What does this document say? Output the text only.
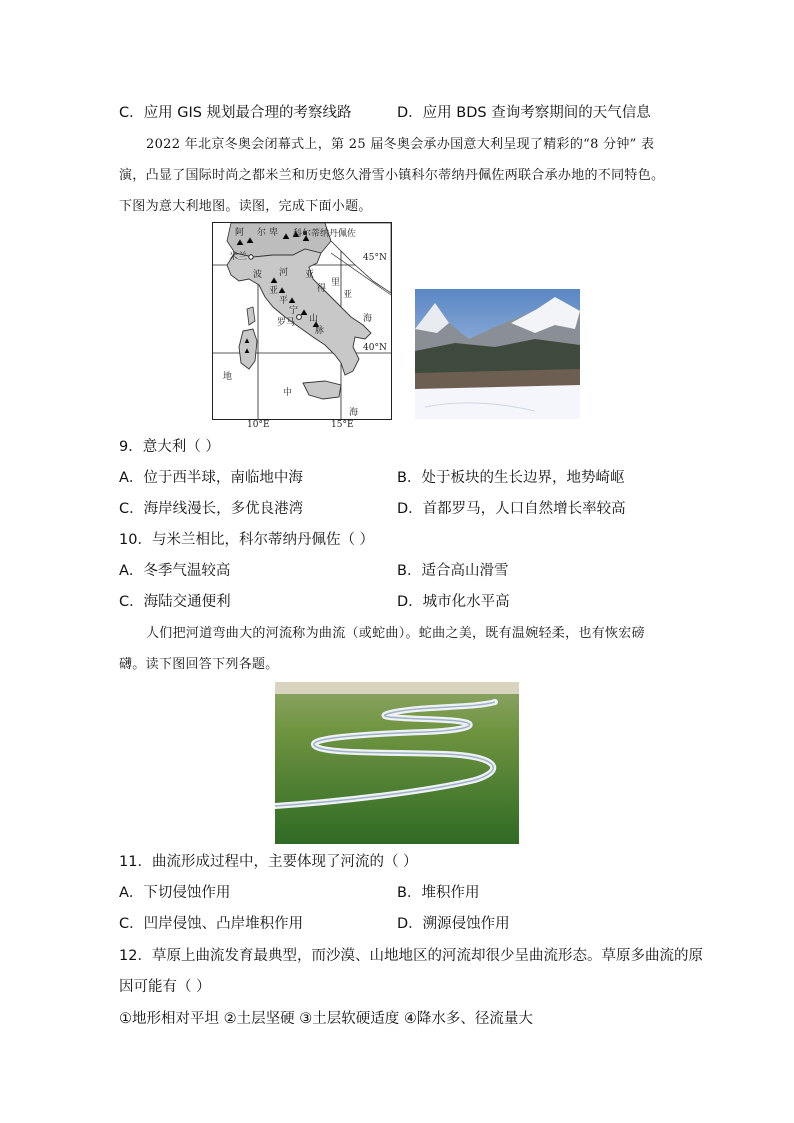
C．应用 GIS 规划最合理的考察线路	D．应用 BDS 查询考察期间的天气信息
2022 年北京冬奥会闭幕式上，第 25 届冬奥会承办国意大利呈现了精彩的“8 分钟” 表
演，凸显了国际时尚之都米兰和历史悠久滑雪小镇科尔蒂纳丹佩佐两联合承办地的不同特色。
下图为意大利地图。读图，完成下面小题。
阿 尔 卑 科尔蒂纳丹佩佐
米兰
波 河
亚
平
宁
山
脉
罗马
亚
得
里
亚
海
地
中
海
45°N
40°N
10°E	15°E
9．意大利（ ）
A．位于西半球，南临地中海	B．处于板块的生长边界，地势崎岖
C．海岸线漫长，多优良港湾	D．首都罗马，人口自然增长率较高
10．与米兰相比，科尔蒂纳丹佩佐（ ）
A．冬季气温较高	B．适合高山滑雪
C．海陆交通便利	D．城市化水平高
人们把河道弯曲大的河流称为曲流（或蛇曲）。蛇曲之美，既有温婉轻柔，也有恢宏磅
礴。读下图回答下列各题。
11．曲流形成过程中，主要体现了河流的（ ）
A．下切侵蚀作用	B．堆积作用
C．凹岸侵蚀、凸岸堆积作用	D．溯源侵蚀作用
12．草原上曲流发育最典型，而沙漠、山地地区的河流却很少呈曲流形态。草原多曲流的原
因可能有（ ）
①地形相对平坦 ②土层坚硬 ③土层软硬适度 ④降水多、径流量大
